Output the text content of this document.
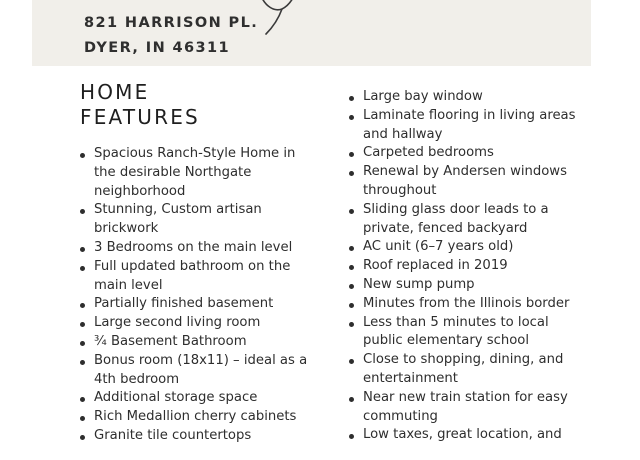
821 HARRISON PL.
DYER, IN 46311
HOME
FEATURES
Spacious Ranch-Style Home in the desirable Northgate neighborhood
Stunning, Custom artisan brickwork
3 Bedrooms on the main level
Full updated bathroom on the main level
Partially finished basement
Large second living room
¾ Basement Bathroom
Bonus room (18x11) – ideal as a 4th bedroom
Additional storage space
Rich Medallion cherry cabinets
Granite tile countertops
Large bay window
Laminate flooring in living areas and hallway
Carpeted bedrooms
Renewal by Andersen windows throughout
Sliding glass door leads to a private, fenced backyard
AC unit (6–7 years old)
Roof replaced in 2019
New sump pump
Minutes from the Illinois border
Less than 5 minutes to local public elementary school
Close to shopping, dining, and entertainment
Near new train station for easy commuting
Low taxes, great location, and
